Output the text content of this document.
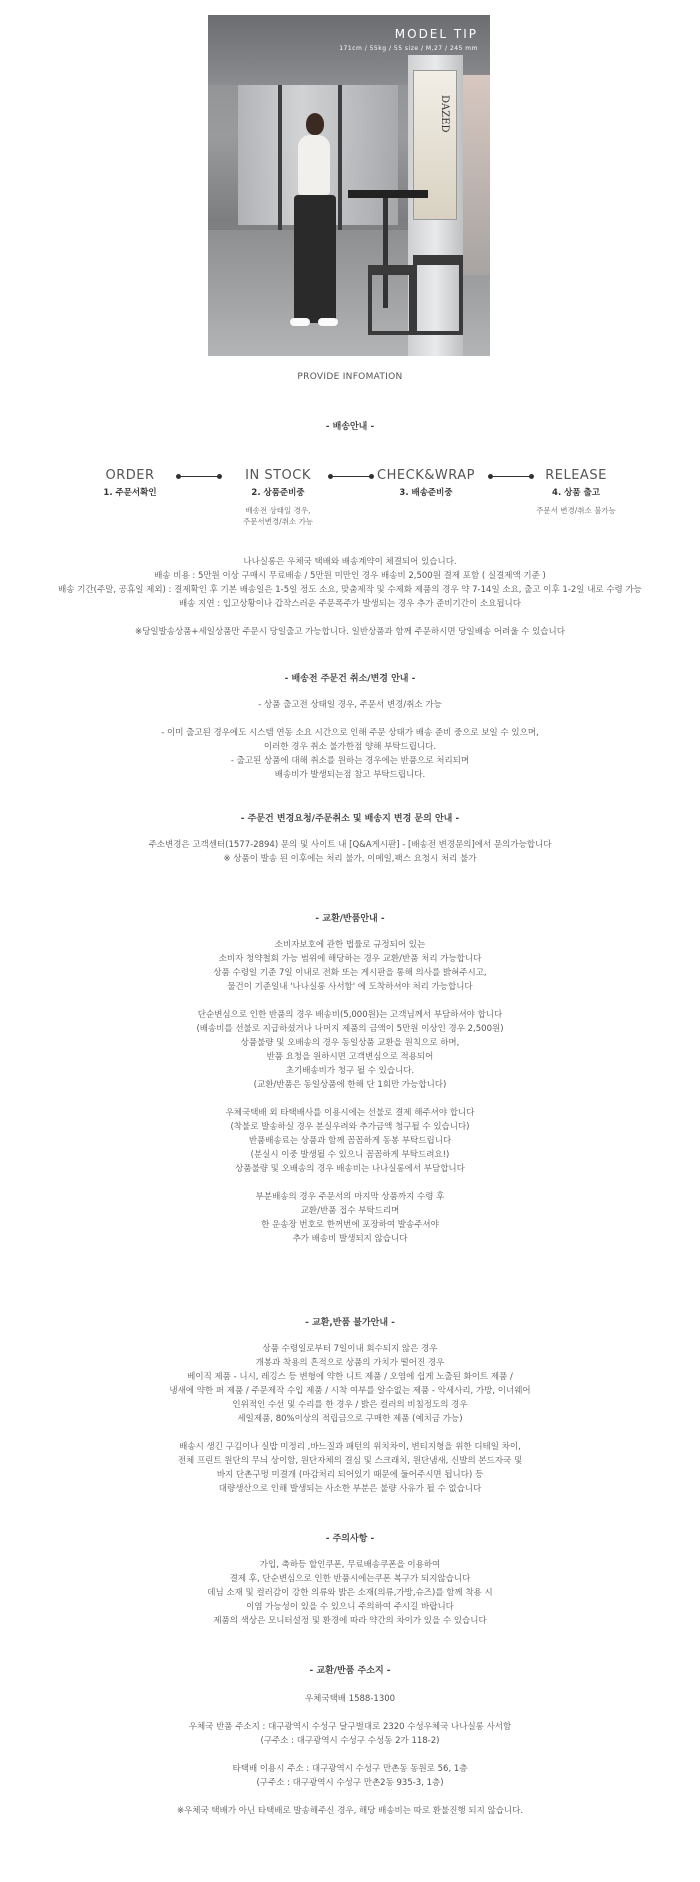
DAZED
MODEL TIP
171cm / 55kg / 55 size / M,27 / 245 mm
PROVIDE INFOMATION
- 배송안내 -
ORDER
1. 주문서확인
IN STOCK
2. 상품준비중
배송전 상태일 경우,
주문서변경/취소 가능
CHECK&WRAP
3. 배송준비중
RELEASE
4. 상품 출고
주문서 변경/취소 불가능

나나실롱은 우체국 택배와 배송계약이 체결되어 있습니다.

배송 비용 : 5만원 이상 구매시 무료배송 / 5만원 미만인 경우 배송비 2,500원 결제 포함 ( 실결제액 기준 )

배송 기간(주말, 공휴일 제외) : 결제확인 후 기본 배송일은 1-5일 정도 소요, 맞춤제작 및 수제화 제품의 경우 약 7-14일 소요, 출고 이후 1-2일 내로 수령 가능

배송 지연 : 입고상황이나 갑작스러운 주문폭주가 발생되는 경우 추가 준비기간이 소요됩니다

※당일발송상품+세일상품만 주문시 당일출고 가능합니다. 일반상품과 함께 주문하시면 당일배송 어려울 수 있습니다

- 배송전 주문건 취소/변경 안내 -

- 상품 출고전 상태일 경우, 주문서 변경/취소 가능

- 이미 출고된 경우에도 시스템 연동 소요 시간으로 인해 주문 상태가 배송 준비 중으로 보일 수 있으며,

이러한 경우 취소 불가한점 양해 부탁드립니다.

- 출고된 상품에 대해 취소를 원하는 경우에는 반품으로 처리되며

배송비가 발생되는점 참고 부탁드립니다.

- 주문건 변경요청/주문취소 및 배송지 변경 문의 안내 -

주소변경은 고객센터(1577-2894) 문의 및 사이트 내 [Q&A게시판] - [배송전 변경문의]에서 문의가능합니다

※ 상품이 발송 된 이후에는 처리 불가, 이메일,팩스 요청시 처리 불가

- 교환/반품안내 -

소비자보호에 관한 법률로 규정되어 있는

소비자 청약철회 가능 범위에 해당하는 경우 교환/반품 처리 가능합니다

상품 수령일 기준 7일 이내로 전화 또는 게시판을 통해 의사를 밝혀주시고,

물건이 기준일내 '나나실롱 사서함' 에 도착하셔야 처리 가능합니다

단순변심으로 인한 반품의 경우 배송비(5,000원)는 고객님께서 부담하셔야 합니다

(배송비를 선불로 지급하셨거나 나머지 제품의 금액이 5만원 이상인 경우 2,500원)

상품불량 및 오배송의 경우 동일상품 교환을 원칙으로 하며,

반품 요청을 원하시면 고객변심으로 적용되어

초기배송비가 청구 될 수 있습니다.

(교환/반품은 동일상품에 한해 단 1회만 가능합니다)

우체국택배 외 타택배사를 이용시에는 선불로 결제 해주셔야 합니다

(착불로 발송하실 경우 분실우려와 추가금액 청구될 수 있습니다)

반품배송료는 상품과 함께 꼼꼼하게 동봉 부탁드립니다

(분실시 이중 발생될 수 있으니 꼼꼼하게 부탁드려요!)

상품불량 및 오배송의 경우 배송비는 나나실롱에서 부담합니다

부분배송의 경우 주문서의 마지막 상품까지 수령 후

교환/반품 접수 부탁드리며

한 운송장 번호로 한꺼번에 포장하여 발송주셔야

추가 배송비 발생되지 않습니다

- 교환,반품 불가안내 -

상품 수령일로부터 7일이내 회수되지 않은 경우

개봉과 착용의 흔적으로 상품의 가치가 떨어진 경우

베이직 제품 - 니시, 레깅스 등 변형에 약한 니트 제품 / 오염에 쉽게 노출된 화이트 제품 /

냉새에 약한 퍼 제품 / 주문제작 수입 제품 / 시착 여부를 알수없는 제품 - 악세사리, 가방, 이너웨어

인위적인 수선 및 수리를 한 경우 / 밝은 컬러의 비침정도의 경우

세일제품, 80%이상의 적립금으로 구매한 제품 (예치금 가능)

배송시 생긴 구김이나 실밥 미정리 ,바느질과 패턴의 위치차이, 변티지형을 위한 디테일 차이,

전체 프린트 원단의 무늬 상이함, 원단자체의 결심 및 스크래치, 원단냄새, 신발의 본드자국 및

바지 단촌구멍 미결개 (마감처리 되어있기 때문에 둘어주시면 됩니다) 등

대량생산으로 인해 발생되는 사소한 부분은 불량 사유가 될 수 없습니다

- 주의사항 -

가입, 축하등 할인쿠폰, 무료배송쿠폰을 이용하여

결제 후, 단순변심으로 인한 반품시에는쿠폰 복구가 되지않습니다

데님 소재 및 컬러감이 강한 의류와 밝은 소재(의류,가방,슈즈)를 함께 착용 시

이염 가능성이 있을 수 있으니 주의하여 주시길 바랍니다

제품의 색상은 모니터설정 및 환경에 따라 약간의 차이가 있을 수 있습니다

- 교환/반품 주소지 -

우체국택배 1588-1300

우체국 반품 주소지 : 대구광역시 수성구 달구벌대로 2320 수성우체국 나나실롱 사서함

(구주소 : 대구광역시 수성구 수성동 2가 118-2)

타택배 이용시 주소 : 대구광역시 수성구 만촌동 동원로 56, 1층

(구주소 : 대구광역시 수성구 만촌2동 935-3, 1층)

※우체국 택배가 아닌 타택배로 발송해주신 경우, 해당 배송비는 따로 환불진행 되지 않습니다.
